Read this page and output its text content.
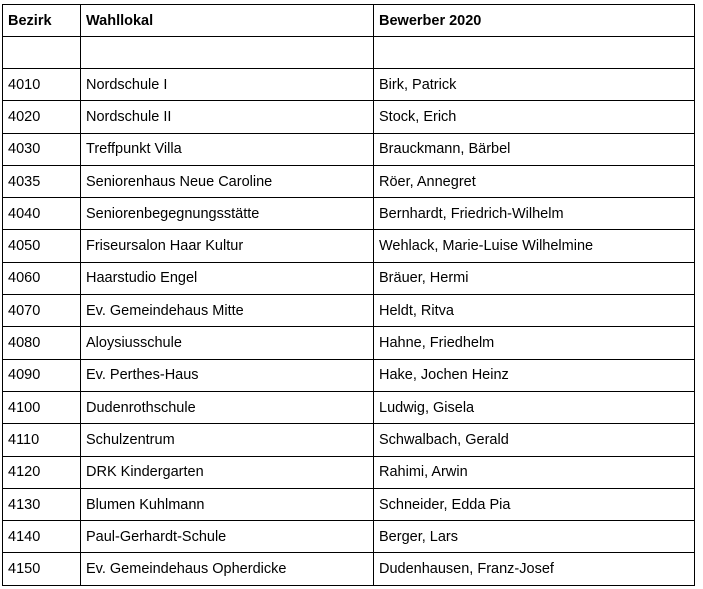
Bezirk	Wahllokal	Bewerber 2020

4010	Nordschule I	Birk, Patrick
4020	Nordschule II	Stock, Erich
4030	Treffpunkt Villa	Brauckmann, Bärbel
4035	Seniorenhaus Neue Caroline	Röer, Annegret
4040	Seniorenbegegnungsstätte	Bernhardt, Friedrich-Wilhelm
4050	Friseursalon Haar Kultur	Wehlack, Marie-Luise Wilhelmine
4060	Haarstudio Engel	Bräuer, Hermi
4070	Ev. Gemeindehaus Mitte	Heldt, Ritva
4080	Aloysiusschule	Hahne, Friedhelm
4090	Ev. Perthes-Haus	Hake, Jochen Heinz
4100	Dudenrothschule	Ludwig, Gisela
4110	Schulzentrum	Schwalbach, Gerald
4120	DRK Kindergarten	Rahimi, Arwin
4130	Blumen Kuhlmann	Schneider, Edda Pia
4140	Paul-Gerhardt-Schule	Berger, Lars
4150	Ev. Gemeindehaus Opherdicke	Dudenhausen, Franz-Josef
